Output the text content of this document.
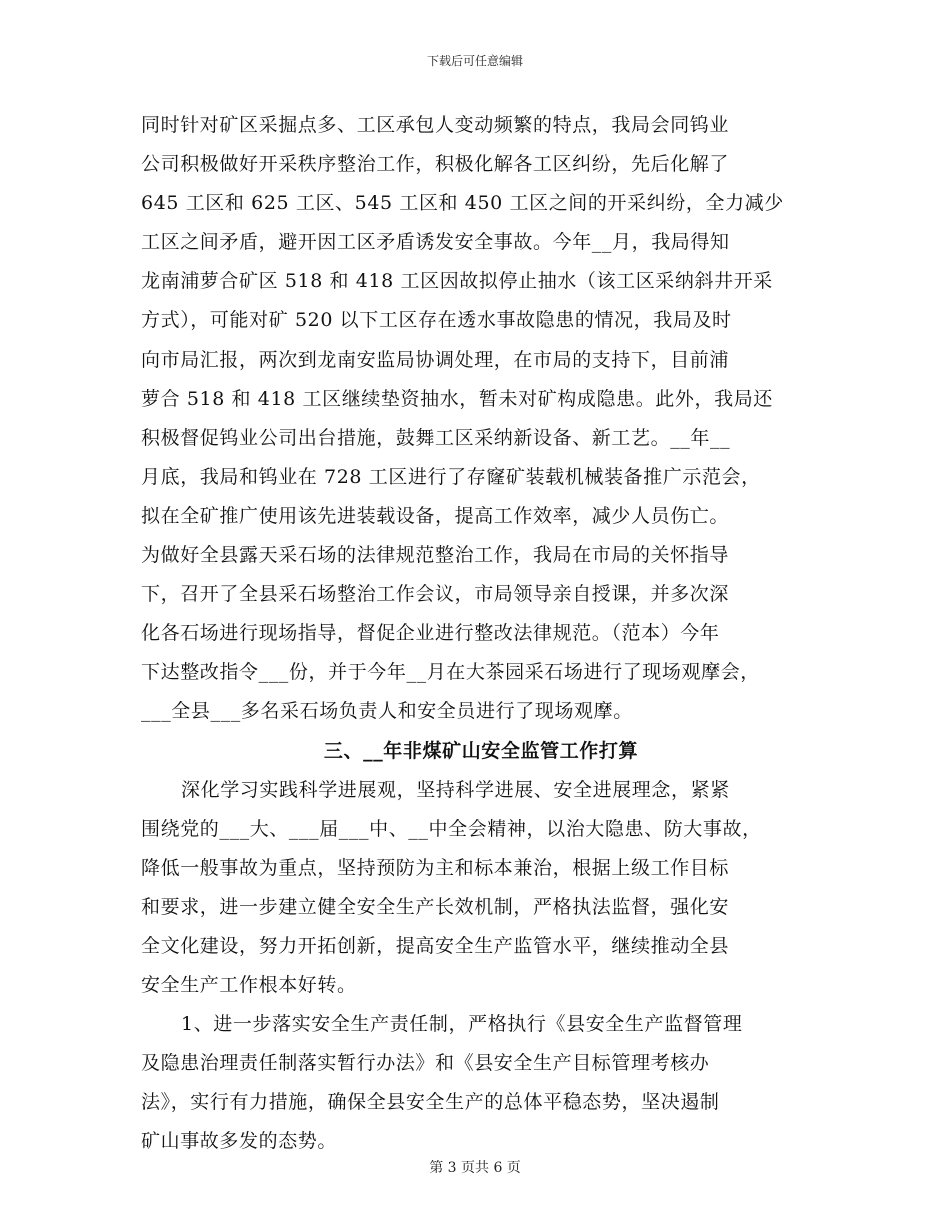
下载后可任意编辑
同时针对矿区采掘点多、工区承包人变动频繁的特点，我局会同钨业
公司积极做好开采秩序整治工作，积极化解各工区纠纷，先后化解了
645 工区和 625 工区、545 工区和 450 工区之间的开采纠纷，全力减少
工区之间矛盾，避开因工区矛盾诱发安全事故。今年__月，我局得知
龙南浦萝合矿区 518 和 418 工区因故拟停止抽水（该工区采纳斜井开采
方式），可能对矿 520 以下工区存在透水事故隐患的情况，我局及时
向市局汇报，两次到龙南安监局协调处理，在市局的支持下，目前浦
萝合 518 和 418 工区继续垫资抽水，暂未对矿构成隐患。此外，我局还
积极督促钨业公司出台措施，鼓舞工区采纳新设备、新工艺。__年__
月底，我局和钨业在 728 工区进行了存窿矿装载机械装备推广示范会，
拟在全矿推广使用该先进装载设备，提高工作效率，减少人员伤亡。
为做好全县露天采石场的法律规范整治工作，我局在市局的关怀指导
下，召开了全县采石场整治工作会议，市局领导亲自授课，并多次深
化各石场进行现场指导，督促企业进行整改法律规范。（范本）今年
下达整改指令___份，并于今年__月在大茶园采石场进行了现场观摩会，
___全县___多名采石场负责人和安全员进行了现场观摩。
三、__年非煤矿山安全监管工作打算
深化学习实践科学进展观，坚持科学进展、安全进展理念，紧紧
围绕党的___大、___届___中、__中全会精神，以治大隐患、防大事故，
降低一般事故为重点，坚持预防为主和标本兼治，根据上级工作目标
和要求，进一步建立健全安全生产长效机制，严格执法监督，强化安
全文化建设，努力开拓创新，提高安全生产监管水平，继续推动全县
安全生产工作根本好转。
1、进一步落实安全生产责任制，严格执行《县安全生产监督管理
及隐患治理责任制落实暂行办法》和《县安全生产目标管理考核办
法》，实行有力措施，确保全县安全生产的总体平稳态势，坚决遏制
矿山事故多发的态势。
第 3 页共 6 页
